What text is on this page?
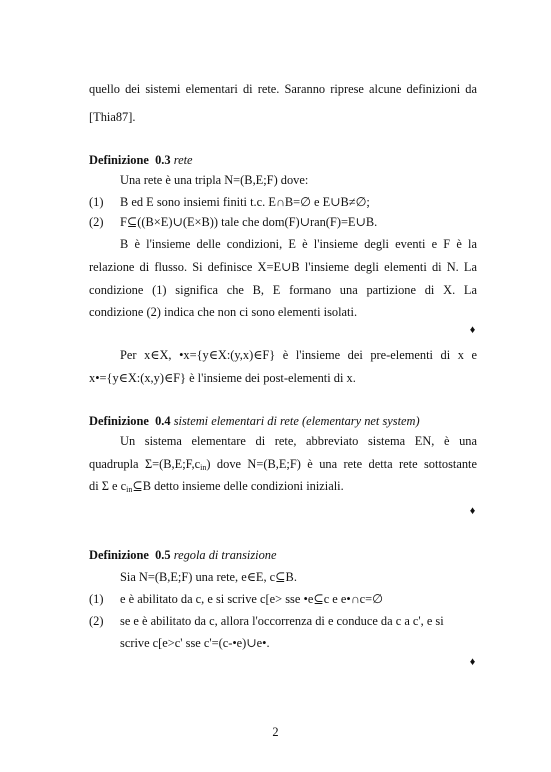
quello dei sistemi elementari di rete. Saranno riprese alcune definizioni da
[Thia87].
Definizione 0.3 rete
Una rete è una tripla N=(B,E;F) dove:
(1) B ed E sono insiemi finiti t.c. E∩B=∅ e E∪B≠∅;
(2) F⊆((B×E)∪(E×B)) tale che dom(F)∪ran(F)=E∪B.
B è l'insieme delle condizioni, E è l'insieme degli eventi e F è la
relazione di flusso. Si definisce X=E∪B l'insieme degli elementi di N. La
condizione (1) significa che B, E formano una partizione di X. La
condizione (2) indica che non ci sono elementi isolati.
♦
Per x∈X, •x={y∈X:(y,x)∈F} è l'insieme dei pre-elementi di x e
x•={y∈X:(x,y)∈F} è l'insieme dei post-elementi di x.
Definizione 0.4 sistemi elementari di rete (elementary net system)
Un sistema elementare di rete, abbreviato sistema EN, è una
quadrupla $\Sigma=(B,E;F,c_{in})$ dove N=(B,E;F) è una rete detta rete sottostante
di Σ e $c_{in}⊆B$ detto insieme delle condizioni iniziali.
♦
Definizione 0.5 regola di transizione
Sia N=(B,E;F) una rete, e∈E, c⊆B.
(1) e è abilitato da c, e si scrive c[e> sse •e⊆c e e•∩c=∅
(2) se e è abilitato da c, allora l'occorrenza di e conduce da c a c', e si
scrive c[e>c' sse c'=(c-•e)∪e•.
♦
2
